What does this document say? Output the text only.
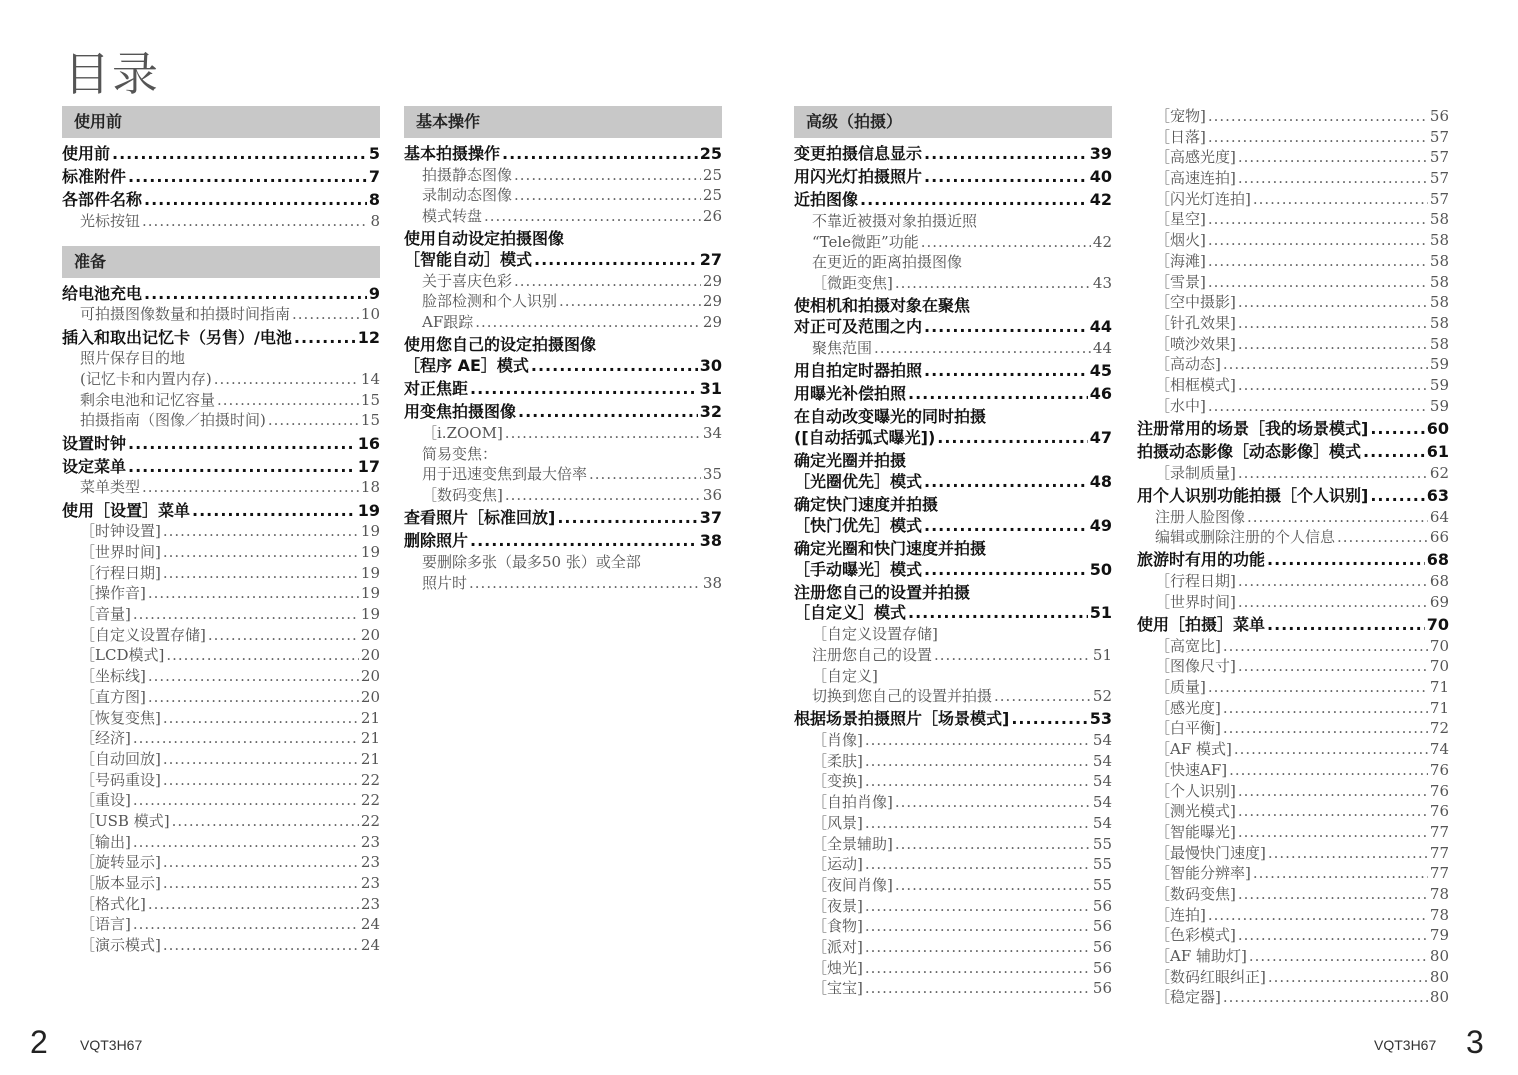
目录
使用前
使用前 .....	5
标准附件 .....	7
各部件名称 .....	8
光标按钮 .....	8
准备
给电池充电 .....	9
可拍摄图像数量和拍摄时间指南 .....	10
插入和取出记忆卡（另售）/电池 .....	12
照片保存目的地
(记忆卡和内置内存) .....	14
剩余电池和记忆容量 .....	15
拍摄指南（图像／拍摄时间) .....	15
设置时钟 .....	16
设定菜单 .....	17
菜单类型 .....	18
使用［设置］菜单 .....	19
［时钟设置] .....	19
［世界时间] .....	19
［行程日期] .....	19
［操作音] .....	19
［音量] .....	19
［自定义设置存储] .....	20
［LCD模式] .....	20
［坐标线] .....	20
［直方图] .....	20
［恢复变焦] .....	21
［经济] .....	21
［自动回放] .....	21
［号码重设] .....	22
［重设] .....	22
［USB 模式] .....	22
［输出] .....	23
［旋转显示] .....	23
［版本显示] .....	23
［格式化] .....	23
［语言] .....	24
［演示模式] .....	24
基本操作
基本拍摄操作 .....	25
拍摄静态图像 .....	25
录制动态图像 .....	25
模式转盘 .....	26
使用自动设定拍摄图像
［智能自动］模式 .....	27
关于喜庆色彩 .....	29
脸部检测和个人识别 .....	29
AF跟踪 .....	29
使用您自己的设定拍摄图像
［程序 AE］模式 .....	30
对正焦距 .....	31
用变焦拍摄图像 .....	32
［i.ZOOM] .....	34
简易变焦：
用于迅速变焦到最大倍率 .....	35
［数码变焦] .....	36
查看照片［标准回放] .....	37
删除照片 .....	38
要删除多张（最多50 张）或全部
照片时 .....	38
高级（拍摄）
变更拍摄信息显示 .....	39
用闪光灯拍摄照片 .....	40
近拍图像 .....	42
不靠近被摄对象拍摄近照
“Tele微距”功能 .....	42
在更近的距离拍摄图像
［微距变焦] .....	43
使相机和拍摄对象在聚焦
对正可及范围之内 .....	44
聚焦范围 .....	44
用自拍定时器拍照 .....	45
用曝光补偿拍照 .....	46
在自动改变曝光的同时拍摄
([自动括弧式曝光]) .....	47
确定光圈并拍摄
［光圈优先］模式 .....	48
确定快门速度并拍摄
［快门优先］模式 .....	49
确定光圈和快门速度并拍摄
［手动曝光］模式 .....	50
注册您自己的设置并拍摄
［自定义］模式 .....	51
［自定义设置存储]
注册您自己的设置 .....	51
［自定义]
切换到您自己的设置并拍摄 .....	52
根据场景拍摄照片［场景模式] .....	53
［肖像] .....	54
［柔肤] .....	54
［变换] .....	54
［自拍肖像] .....	54
［风景] .....	54
［全景辅助] .....	55
［运动] .....	55
［夜间肖像] .....	55
［夜景] .....	56
［食物] .....	56
［派对] .....	56
［烛光] .....	56
［宝宝] .....	56
［宠物] .....	56
［日落] .....	57
［高感光度] .....	57
［高速连拍] .....	57
［闪光灯连拍] .....	57
［星空] .....	58
［烟火] .....	58
［海滩] .....	58
［雪景] .....	58
［空中摄影] .....	58
［针孔效果] .....	58
［喷沙效果] .....	58
［高动态] .....	59
［相框模式] .....	59
［水中] .....	59
注册常用的场景［我的场景模式] .....	60
拍摄动态影像［动态影像］模式 .....	61
［录制质量] .....	62
用个人识别功能拍摄［个人识别] .....	63
注册人脸图像 .....	64
编辑或删除注册的个人信息 .....	66
旅游时有用的功能 .....	68
［行程日期] .....	68
［世界时间] .....	69
使用［拍摄］菜单 .....	70
［高宽比] .....	70
［图像尺寸] .....	70
［质量] .....	71
［感光度] .....	71
［白平衡] .....	72
［AF 模式] .....	74
［快速AF] .....	76
［个人识别] .....	76
［测光模式] .....	76
［智能曝光] .....	77
［最慢快门速度] .....	77
［智能分辨率] .....	77
［数码变焦] .....	78
［连拍] .....	78
［色彩模式] .....	79
［AF 辅助灯] .....	80
［数码红眼纠正] .....	80
［稳定器] .....	80
2 VQT3H67	VQT3H67 3
